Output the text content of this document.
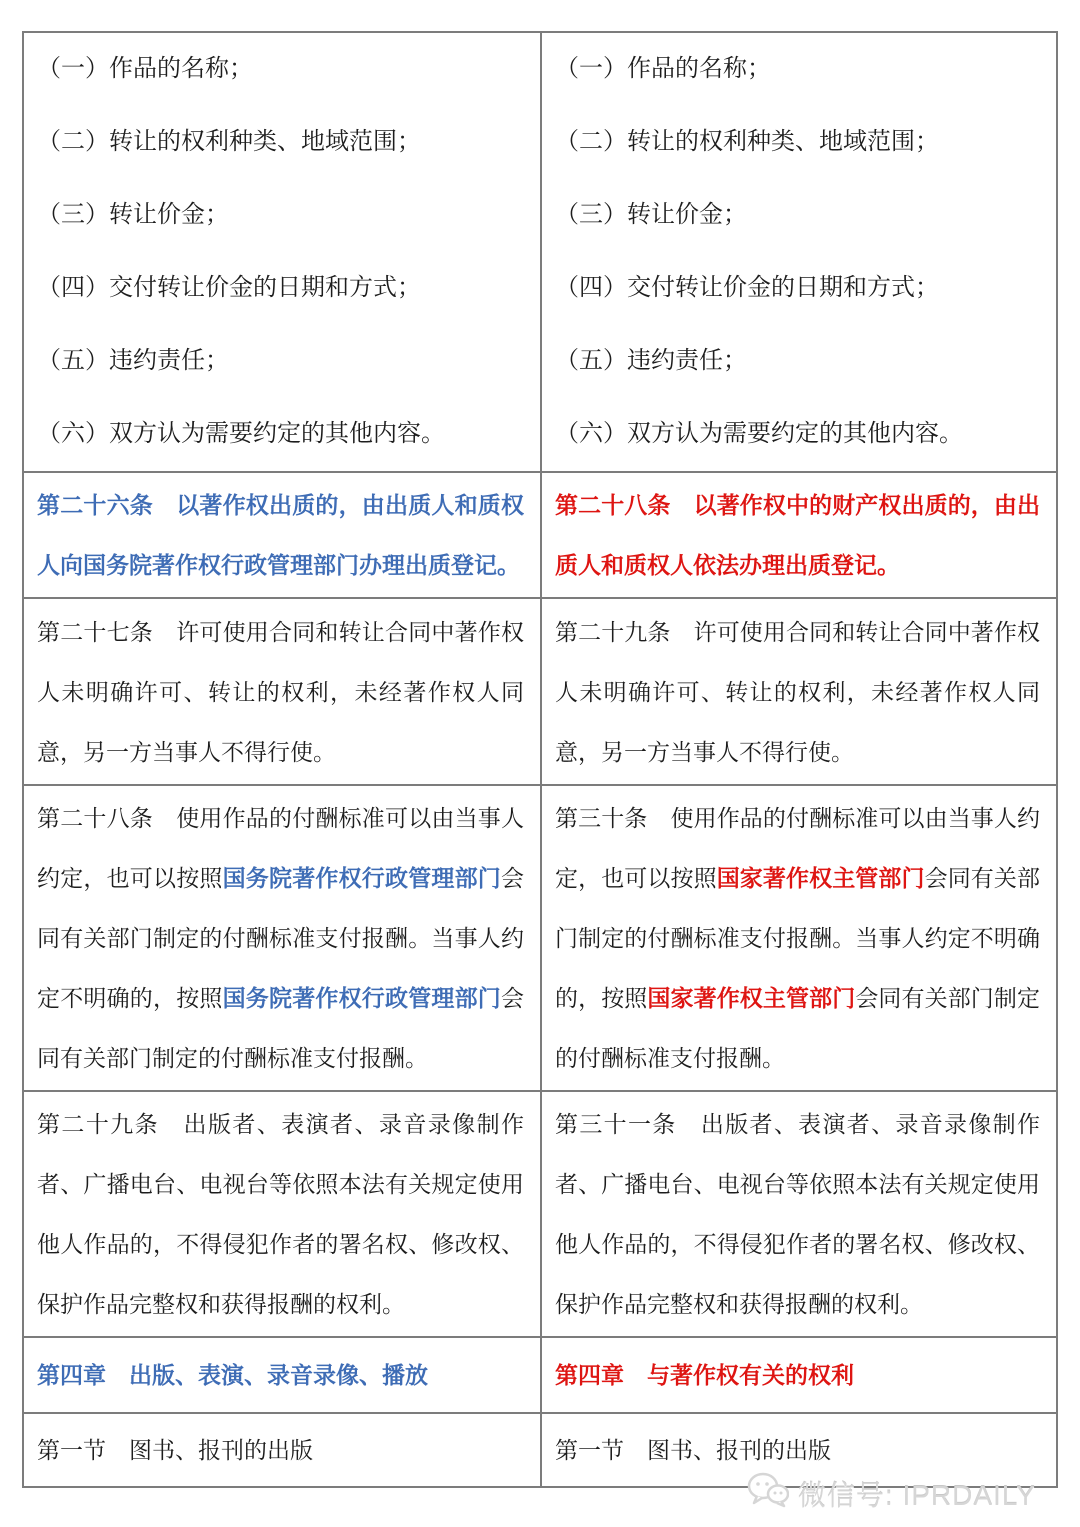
（一）作品的名称；
（二）转让的权利种类、地域范围；
（三）转让价金；
（四）交付转让价金的日期和方式；
（五）违约责任；
（六）双方认为需要约定的其他内容。
（一）作品的名称；
（二）转让的权利种类、地域范围；
（三）转让价金；
（四）交付转让价金的日期和方式；
（五）违约责任；
（六）双方认为需要约定的其他内容。
第二十六条　以著作权出质的，由出质人和质权人向国务院著作权行政管理部门办理出质登记。
第二十八条　以著作权中的财产权出质的，由出质人和质权人依法办理出质登记。
第二十七条　许可使用合同和转让合同中著作权人未明确许可、转让的权利，未经著作权人同意，另一方当事人不得行使。
第二十九条　许可使用合同和转让合同中著作权人未明确许可、转让的权利，未经著作权人同意，另一方当事人不得行使。
第二十八条　使用作品的付酬标准可以由当事人约定，也可以按照国务院著作权行政管理部门会同有关部门制定的付酬标准支付报酬。当事人约定不明确的，按照国务院著作权行政管理部门会同有关部门制定的付酬标准支付报酬。
第三十条　使用作品的付酬标准可以由当事人约定，也可以按照国家著作权主管部门会同有关部门制定的付酬标准支付报酬。当事人约定不明确的，按照国家著作权主管部门会同有关部门制定的付酬标准支付报酬。
第二十九条　出版者、表演者、录音录像制作者、广播电台、电视台等依照本法有关规定使用他人作品的，不得侵犯作者的署名权、修改权、保护作品完整权和获得报酬的权利。
第三十一条　出版者、表演者、录音录像制作者、广播电台、电视台等依照本法有关规定使用他人作品的，不得侵犯作者的署名权、修改权、保护作品完整权和获得报酬的权利。
第四章　出版、表演、录音录像、播放	第四章　与著作权有关的权利
第一节　图书、报刊的出版	第一节　图书、报刊的出版
微信号: IPRDAILY
